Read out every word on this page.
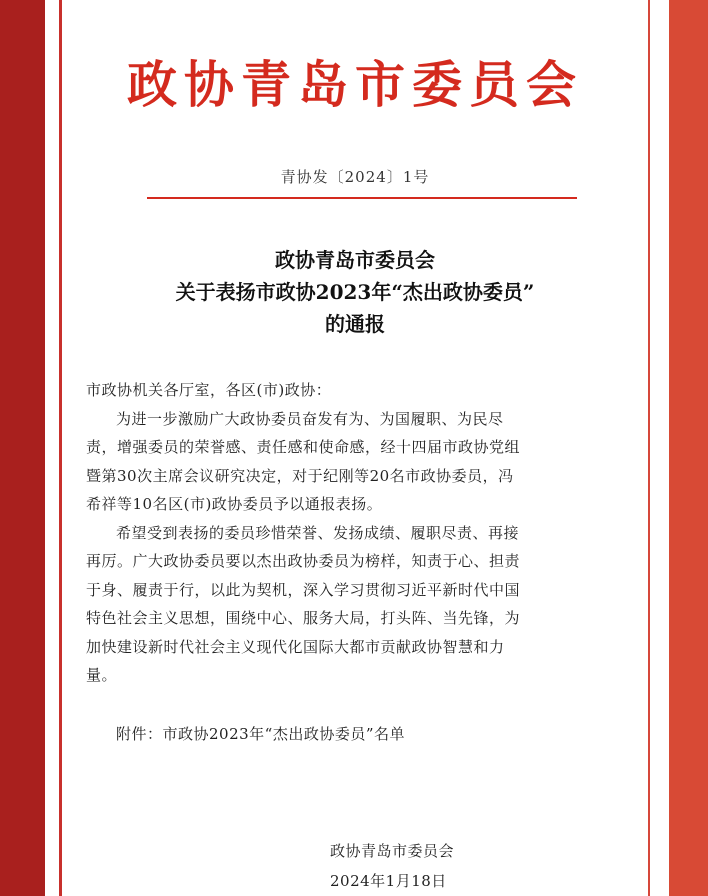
政协青岛市委员会
青协发〔2024〕1号
政协青岛市委员会
关于表扬市政协2023年“杰出政协委员”
的通报

市政协机关各厅室，各区(市)政协：

为进一步激励广大政协委员奋发有为、为国履职、为民尽责，增强委员的荣誉感、责任感和使命感，经十四届市政协党组暨第30次主席会议研究决定，对于纪刚等20名市政协委员，冯希祥等10名区(市)政协委员予以通报表扬。

希望受到表扬的委员珍惜荣誉、发扬成绩、履职尽责、再接再厉。广大政协委员要以杰出政协委员为榜样，知责于心、担责于身、履责于行，以此为契机，深入学习贯彻习近平新时代中国特色社会主义思想，围绕中心、服务大局，打头阵、当先锋，为加快建设新时代社会主义现代化国际大都市贡献政协智慧和力量。

附件：市政协2023年“杰出政协委员”名单
政协青岛市委员会
2024年1月18日
